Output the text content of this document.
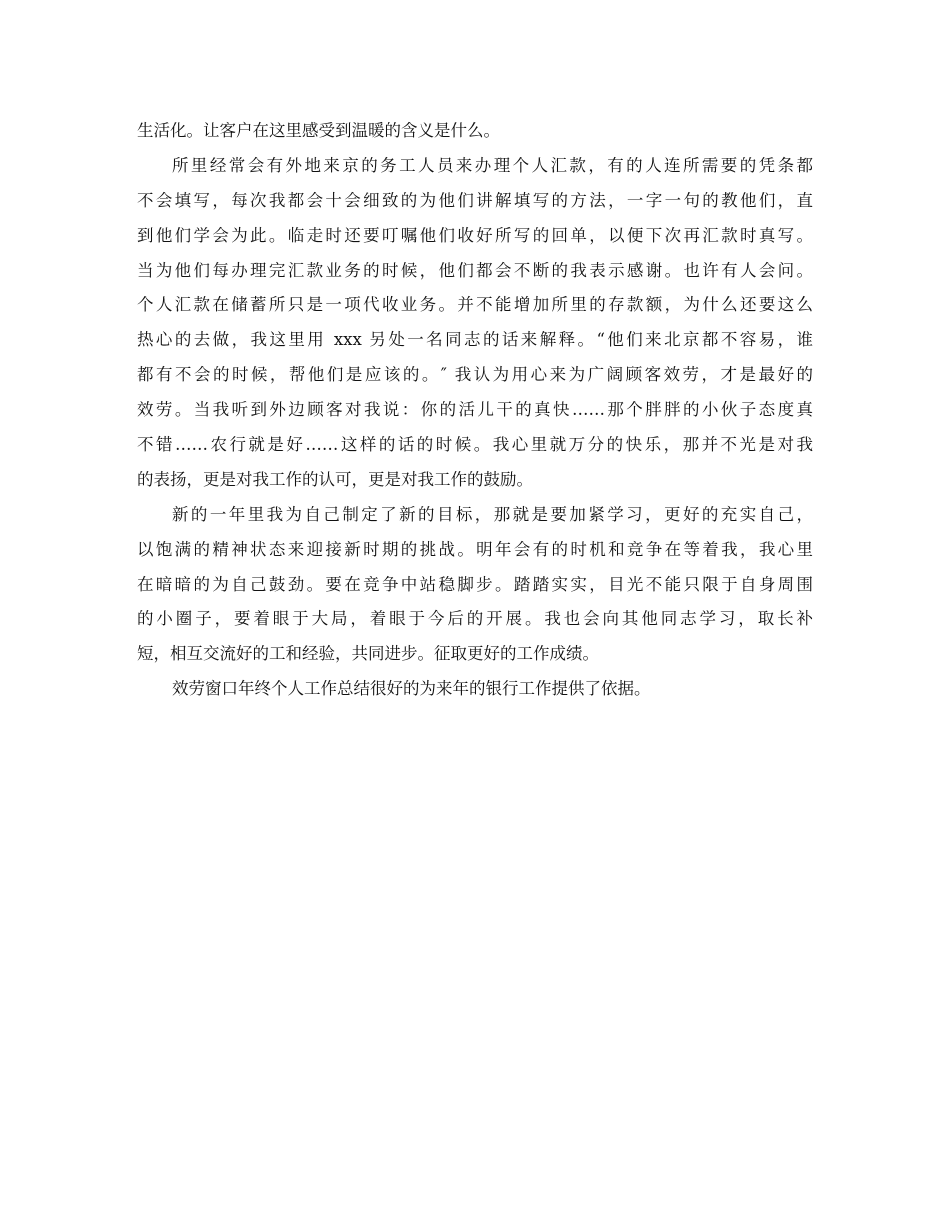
生活化。让客户在这里感受到温暖的含义是什么。
所里经常会有外地来京的务工人员来办理个人汇款，有的人连所需要的凭条都
不会填写，每次我都会十会细致的为他们讲解填写的方法，一字一句的教他们，直
到他们学会为此。临走时还要叮嘱他们收好所写的回单，以便下次再汇款时真写。
当为他们每办理完汇款业务的时候，他们都会不断的我表示感谢。也许有人会问。
个人汇款在储蓄所只是一项代收业务。并不能增加所里的存款额，为什么还要这么
热心的去做，我这里用 xxx 另处一名同志的话来解释。“他们来北京都不容易，谁
都有不会的时候，帮他们是应该的。″ 我认为用心来为广阔顾客效劳，才是最好的
效劳。当我听到外边顾客对我说：你的活儿干的真快……那个胖胖的小伙子态度真
不错……农行就是好……这样的话的时候。我心里就万分的快乐，那并不光是对我
的表扬，更是对我工作的认可，更是对我工作的鼓励。
新的一年里我为自己制定了新的目标，那就是要加紧学习，更好的充实自己，
以饱满的精神状态来迎接新时期的挑战。明年会有的时机和竞争在等着我，我心里
在暗暗的为自己鼓劲。要在竞争中站稳脚步。踏踏实实，目光不能只限于自身周围
的小圈子，要着眼于大局，着眼于今后的开展。我也会向其他同志学习，取长补
短，相互交流好的工和经验，共同进步。征取更好的工作成绩。
效劳窗口年终个人工作总结很好的为来年的银行工作提供了依据。
